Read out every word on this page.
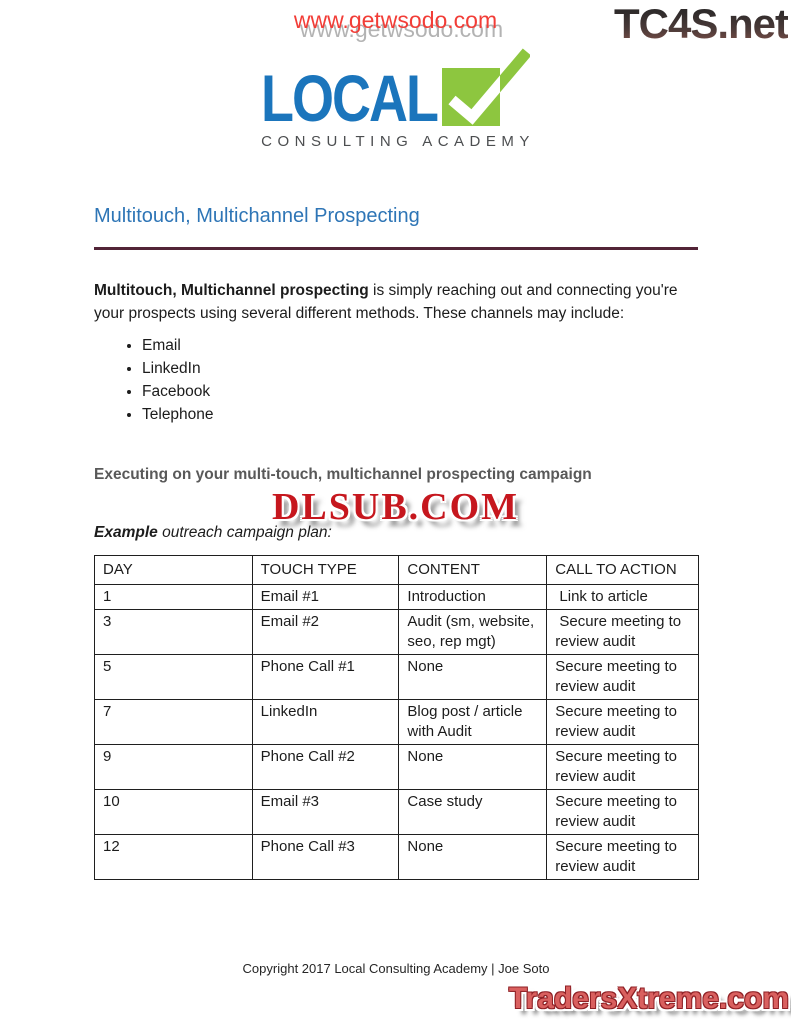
www.getwsodo.com	TC4S.net
LOCAL
CONSULTING ACADEMY
Multitouch, Multichannel Prospecting

Multitouch, Multichannel prospecting is simply reaching out and connecting you're your prospects using several different methods. These channels may include:

• Email
• LinkedIn
• Facebook
• Telephone
Executing on your multi-touch, multichannel prospecting campaign
DLSUB.COM

Example outreach campaign plan:

DAY	TOUCH TYPE	CONTENT	CALL TO ACTION
1	Email #1	Introduction	Link to article
3	Email #2	Audit (sm, website, seo, rep mgt)	Secure meeting to review audit
5	Phone Call #1	None	Secure meeting to review audit
7	LinkedIn	Blog post / article with Audit	Secure meeting to review audit
9	Phone Call #2	None	Secure meeting to review audit
10	Email #3	Case study	Secure meeting to review audit
12	Phone Call #3	None	Secure meeting to review audit
Copyright 2017 Local Consulting Academy | Joe Soto
TradersXtreme.com
